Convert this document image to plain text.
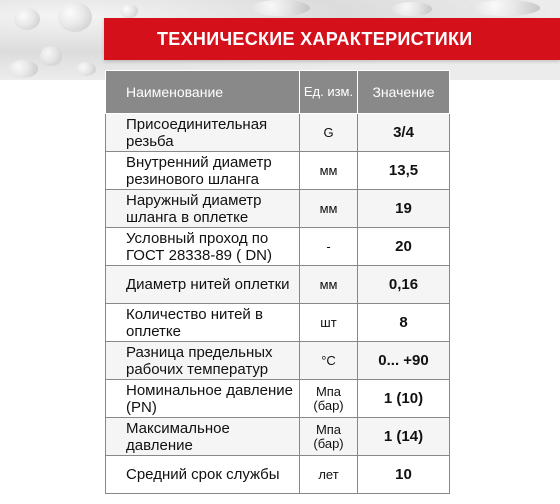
ТЕХНИЧЕСКИЕ ХАРАКТЕРИСТИКИ
Наименование	Ед. изм.	Значение
Присоединительная резьба	G	3/4
Внутренний диаметр резинового шланга	мм	13,5
Наружный диаметр шланга в оплетке	мм	19
Условный проход по ГОСТ 28338-89 ( DN)	-	20
Диаметр нитей оплетки	мм	0,16
Количество нитей в оплетке	шт	8
Разница предельных рабочих температур	°С	0... +90
Номинальное давление (PN)	Мпа (бар)	1 (10)
Максимальное давление	Мпа (бар)	1 (14)
Средний срок службы	лет	10
